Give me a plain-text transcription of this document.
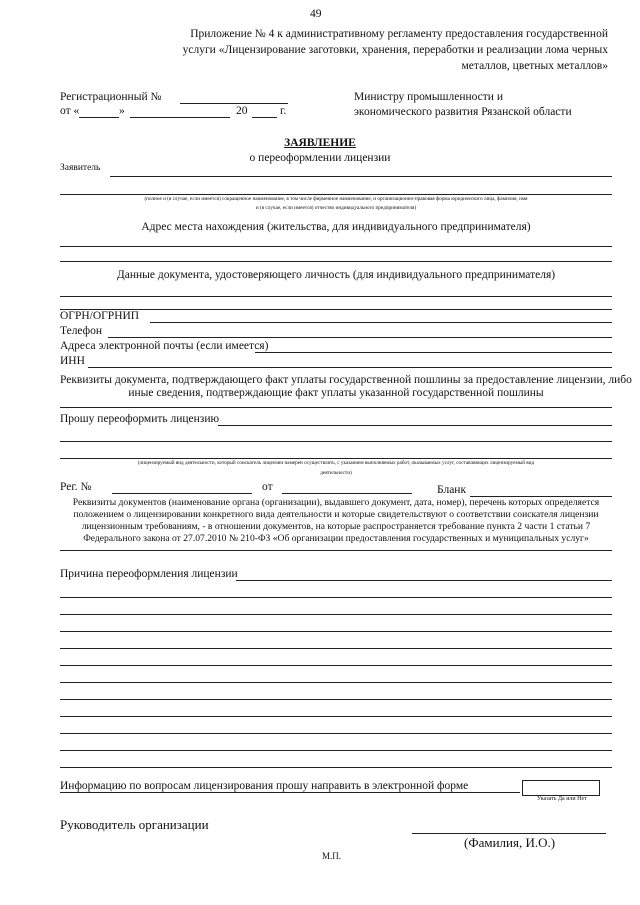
49
Приложение № 4 к административному регламенту предоставления государственной
услуги «Лицензирование заготовки, хранения, переработки и реализации лома черных
металлов, цветных металлов»
Регистрационный №
от «	»	20	г.
Министру промышленности и
экономического развития Рязанской области
ЗАЯВЛЕНИЕ
о переоформлении лицензии
Заявитель
(полное и (в случае, если имеется) сокращенное наименование, в том числе фирменное наименование, и организационно-правовая форма юридического лица, фамилия, имя
и (в случае, если имеется) отчество индивидуального предпринимателя)
Адрес места нахождения (жительства, для индивидуального предпринимателя)
Данные документа, удостоверяющего личность (для индивидуального предпринимателя)
ОГРН/ОГРНИП
Телефон
Адреса электронной почты (если имеется)
ИНН
Реквизиты документа, подтверждающего факт уплаты государственной пошлины за предоставление лицензии, либо
иные сведения, подтверждающие факт уплаты указанной государственной пошлины
Прошу переоформить лицензию
(лицензируемый вид деятельности, который соискатель лицензии намерен осуществлять, с указанием выполняемых работ, оказываемых услуг, составляющих лицензируемый вид
деятельности)
Рег. №	от	Бланк
Реквизиты документов (наименование органа (организации), выдавшего документ, дата, номер), перечень которых определяется
положением о лицензировании конкретного вида деятельности и которые свидетельствуют о соответствии соискателя лицензии
лицензионным требованиям, - в отношении документов, на которые распространяется требование пункта 2 части 1 статьи 7
Федерального закона от 27.07.2010 № 210-ФЗ «Об организации предоставления государственных и муниципальных услуг»
Причина переоформления лицензии
Информацию по вопросам лицензирования прошу направить в электронной форме
Указать Да или Нет
Руководитель организации
(Фамилия, И.О.)
М.П.
